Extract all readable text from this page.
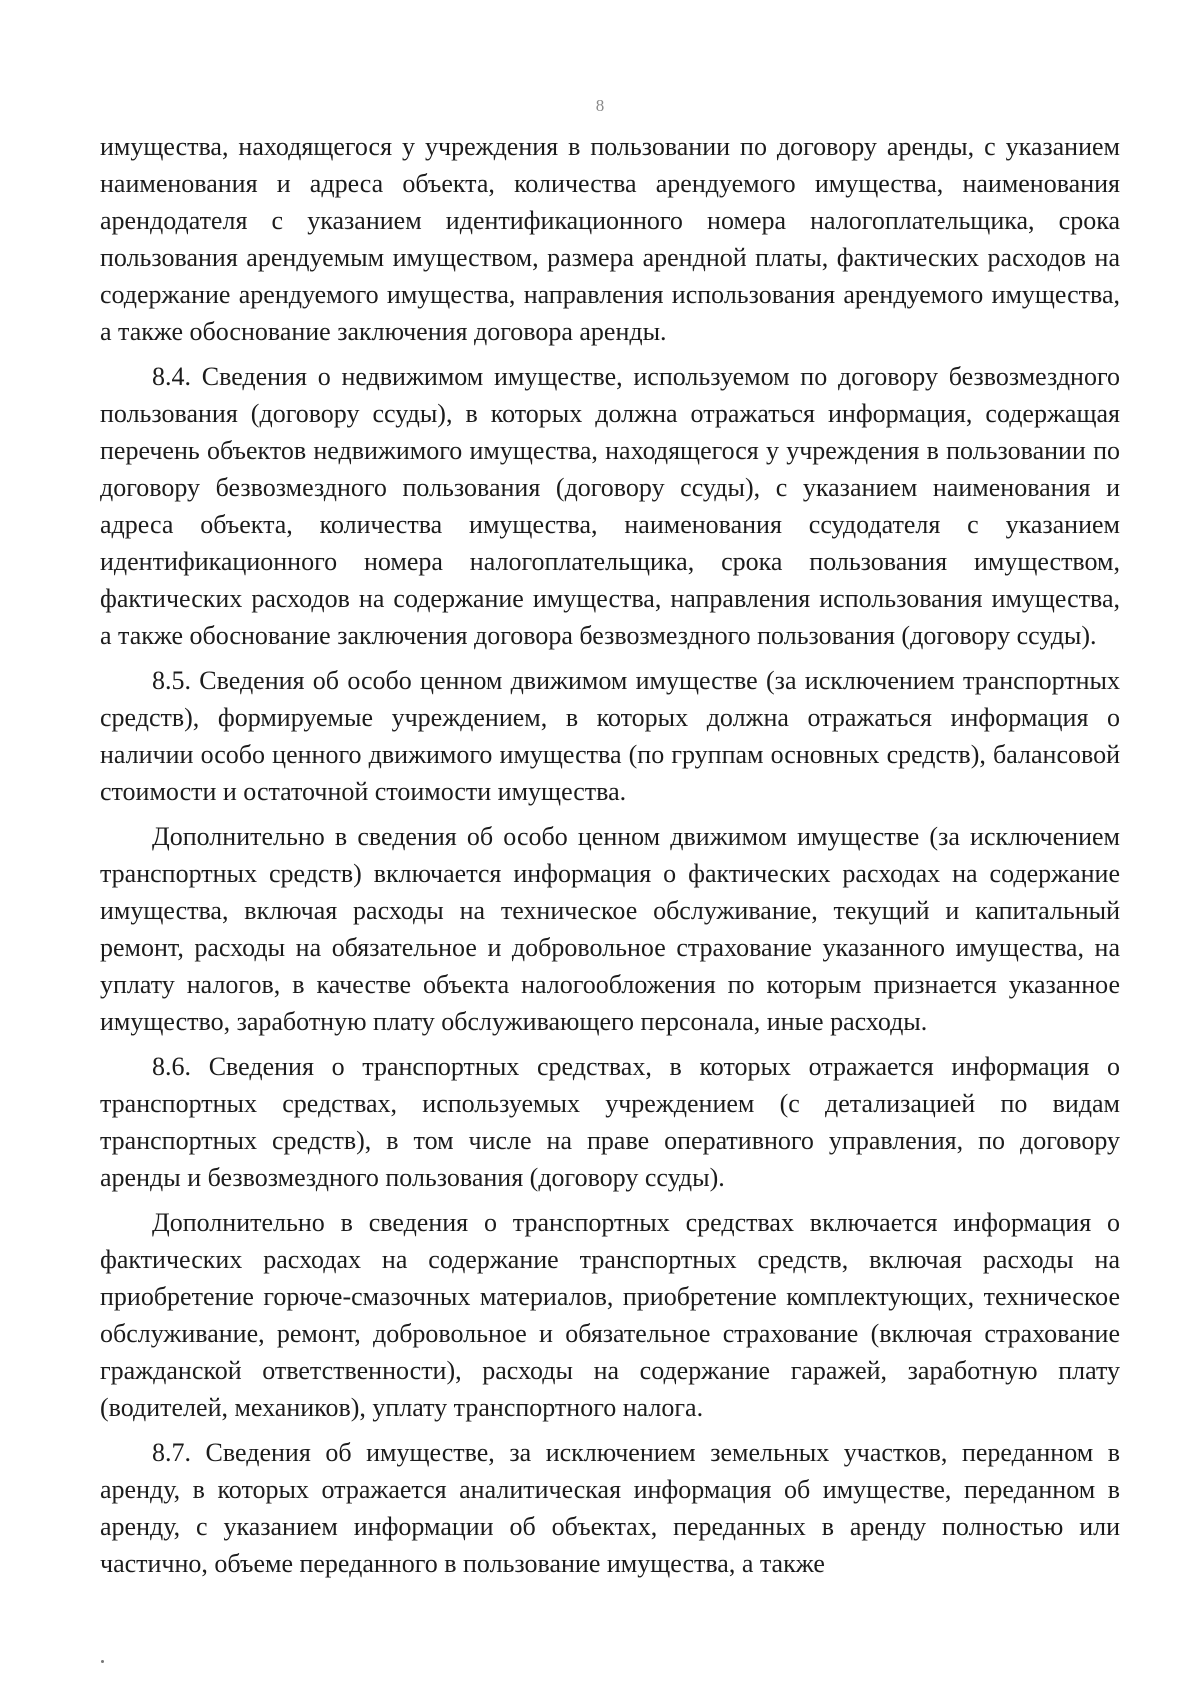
8

имущества, находящегося у учреждения в пользовании по договору аренды, с указанием наименования и адреса объекта, количества арендуемого имущества, наименования арендодателя с указанием идентификационного номера налогоплательщика, срока пользования арендуемым имуществом, размера арендной платы, фактических расходов на содержание арендуемого имущества, направления использования арендуемого имущества, а также обоснование заключения договора аренды.

8.4. Сведения о недвижимом имуществе, используемом по договору безвозмездного пользования (договору ссуды), в которых должна отражаться информация, содержащая перечень объектов недвижимого имущества, находящегося у учреждения в пользовании по договору безвозмездного пользования (договору ссуды), с указанием наименования и адреса объекта, количества имущества, наименования ссудодателя с указанием идентификационного номера налогоплательщика, срока пользования имуществом, фактических расходов на содержание имущества, направления использования имущества, а также обоснование заключения договора безвозмездного пользования (договору ссуды).

8.5. Сведения об особо ценном движимом имуществе (за исключением транспортных средств), формируемые учреждением, в которых должна отражаться информация о наличии особо ценного движимого имущества (по группам основных средств), балансовой стоимости и остаточной стоимости имущества.

Дополнительно в сведения об особо ценном движимом имуществе (за исключением транспортных средств) включается информация о фактических расходах на содержание имущества, включая расходы на техническое обслуживание, текущий и капитальный ремонт, расходы на обязательное и добровольное страхование указанного имущества, на уплату налогов, в качестве объекта налогообложения по которым признается указанное имущество, заработную плату обслуживающего персонала, иные расходы.

8.6. Сведения о транспортных средствах, в которых отражается информация о транспортных средствах, используемых учреждением (с детализацией по видам транспортных средств), в том числе на праве оперативного управления, по договору аренды и безвозмездного пользования (договору ссуды).

Дополнительно в сведения о транспортных средствах включается информация о фактических расходах на содержание транспортных средств, включая расходы на приобретение горюче-смазочных материалов, приобретение комплектующих, техническое обслуживание, ремонт, добровольное и обязательное страхование (включая страхование гражданской ответственности), расходы на содержание гаражей, заработную плату (водителей, механиков), уплату транспортного налога.

8.7. Сведения об имуществе, за исключением земельных участков, переданном в аренду, в которых отражается аналитическая информация об имуществе, переданном в аренду, с указанием информации об объектах, переданных в аренду полностью или частично, объеме переданного в пользование имущества, а также
